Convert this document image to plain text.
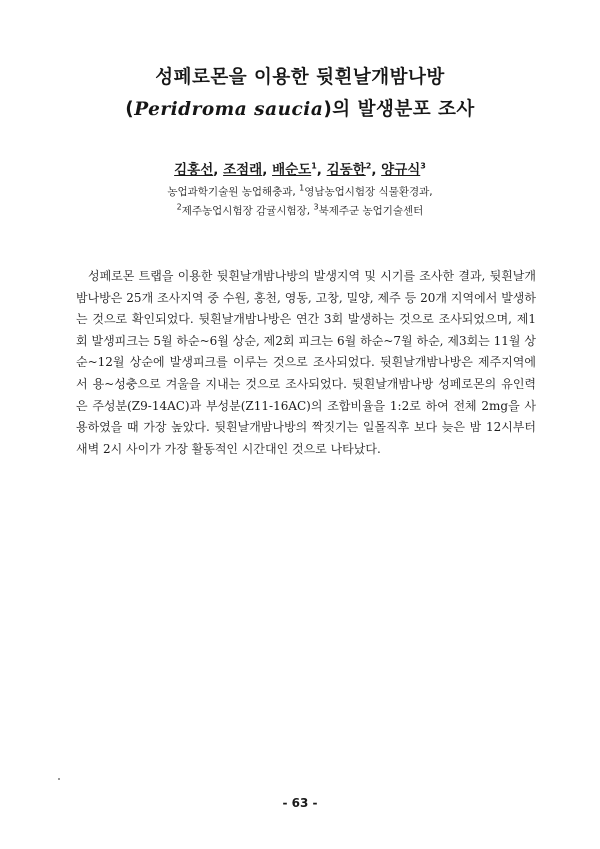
성페로몬을 이용한 뒷흰날개밤나방
(Peridroma saucia)의 발생분포 조사
김홍선, 조점래, 배순도$^1$, 김동한$^2$, 양규식$^3$
농업과학기술원 농업해충과, $^1$영남농업시험장 식물환경과,
$^2$제주농업시험장 감귤시험장, $^3$북제주군 농업기술센터

성페로몬 트랩을 이용한 뒷흰날개밤나방의 발생지역 및 시기를 조사한 결과, 뒷흰날개밤나방은 25개 조사지역 중 수원, 홍천, 영동, 고창, 밀양, 제주 등 20개 지역에서 발생하는 것으로 확인되었다. 뒷흰날개밤나방은 연간 3회 발생하는 것으로 조사되었으며, 제1회 발생피크는 5월 하순~6월 상순, 제2회 피크는 6월 하순~7월 하순, 제3회는 11월 상순~12월 상순에 발생피크를 이루는 것으로 조사되었다. 뒷흰날개밤나방은 제주지역에서 용~성충으로 겨울을 지내는 것으로 조사되었다. 뒷흰날개밤나방 성페로몬의 유인력은 주성분(Z9-14AC)과 부성분(Z11-16AC)의 조합비율을 1:2로 하여 전체 2mg을 사용하였을 때 가장 높았다. 뒷흰날개밤나방의 짝짓기는 일몰직후 보다 늦은 밤 12시부터 새벽 2시 사이가 가장 활동적인 시간대인 것으로 나타났다.

- 63 -
